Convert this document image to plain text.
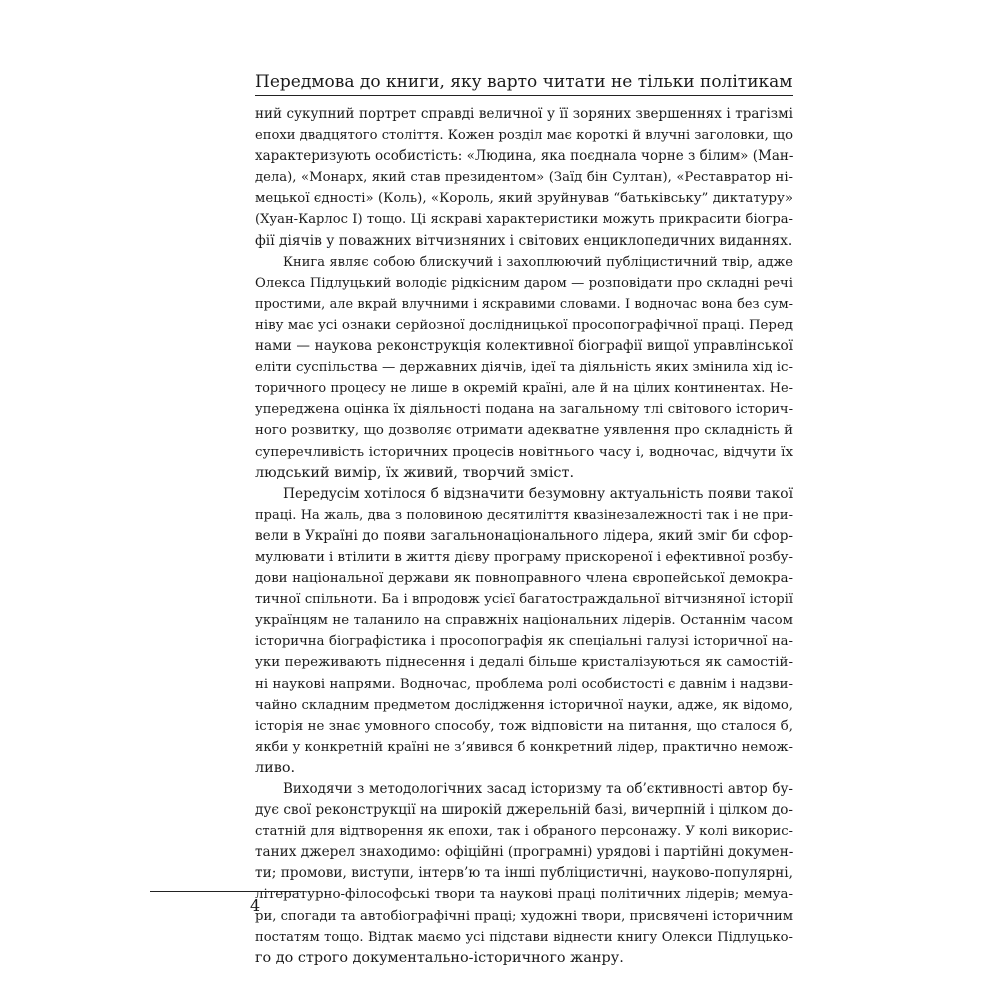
Передмова до книги, яку варто читати не тільки політикам
ний сукупний портрет справді величної у її зоряних звершеннях і трагізмі
епохи двадцятого століття. Кожен розділ має короткі й влучні заголовки, що
характеризують особистість: «Людина, яка поєднала чорне з білим» (Ман-
дела), «Монарх, який став президентом» (Заїд бін Султан), «Реставратор ні-
мецької єдності» (Коль), «Король, який зруйнував “батьківську” диктатуру»
(Хуан-Карлос І) тощо. Ці яскраві характеристики можуть прикрасити біогра-
фії діячів у поважних вітчизняних і світових енциклопедичних виданнях.
Книга являє собою блискучий і захоплюючий публіцистичний твір, адже
Олекса Підлуцький володіє рідкісним даром — розповідати про складні речі
простими, але вкрай влучними і яскравими словами. І водночас вона без сум-
ніву має усі ознаки серйозної дослідницької просопографічної праці. Перед
нами — наукова реконструкція колективної біографії вищої управлінської
еліти суспільства — державних діячів, ідеї та діяльність яких змінила хід іс-
торичного процесу не лише в окремій країні, але й на цілих континентах. Не-
упереджена оцінка їх діяльності подана на загальному тлі світового історич-
ного розвитку, що дозволяє отримати адекватне уявлення про складність й
суперечливість історичних процесів новітнього часу і, водночас, відчути їх
людський вимір, їх живий, творчий зміст.
Передусім хотілося б відзначити безумовну актуальність появи такої
праці. На жаль, два з половиною десятиліття квазінезалежності так і не при-
вели в Україні до появи загальнонаціонального лідера, який зміг би сфор-
мулювати і втілити в життя дієву програму прискореної і ефективної розбу-
дови національної держави як повноправного члена європейської демокра-
тичної спільноти. Ба і впродовж усієї багатостраждальної вітчизняної історії
українцям не таланило на справжніх національних лідерів. Останнім часом
історична біографістика і просопографія як спеціальні галузі історичної на-
уки переживають піднесення і дедалі більше кристалізуються як самостій-
ні наукові напрями. Водночас, проблема ролі особистості є давнім і надзви-
чайно складним предметом дослідження історичної науки, адже, як відомо,
історія не знає умовного способу, тож відповісти на питання, що сталося б,
якби у конкретній країні не з’явився б конкретний лідер, практично немож-
ливо.
Виходячи з методологічних засад історизму та об’єктивності автор бу-
дує свої реконструкції на широкій джерельній базі, вичерпній і цілком до-
статній для відтворення як епохи, так і обраного персонажу. У колі викорис-
таних джерел знаходимо: офіційні (програмні) урядові і партійні докумен-
ти; промови, виступи, інтерв’ю та інші публіцистичні, науково-популярні,
літературно-філософські твори та наукові праці політичних лідерів; мемуа-
ри, спогади та автобіографічні праці; художні твори, присвячені історичним
постатям тощо. Відтак маємо усі підстави віднести книгу Олекси Підлуцько-
го до строго документально-історичного жанру.
4
